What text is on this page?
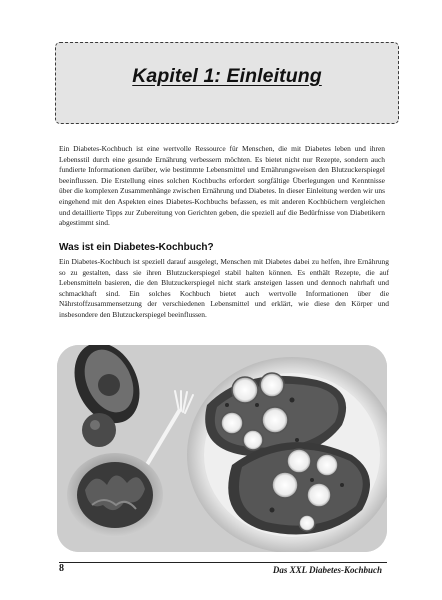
Kapitel 1: Einleitung

Ein Diabetes-Kochbuch ist eine wertvolle Ressource für Menschen, die mit Diabetes leben und ihren Lebensstil durch eine gesunde Ernährung verbessern möchten. Es bietet nicht nur Rezepte, sondern auch fundierte Informationen darüber, wie bestimmte Lebensmittel und Ernährungsweisen den Blutzuckerspiegel beeinflussen. Die Erstellung eines solchen Kochbuchs erfordert sorgfältige Überlegungen und Kenntnisse über die komplexen Zusammenhänge zwischen Ernährung und Diabetes. In dieser Einleitung werden wir uns eingehend mit den Aspekten eines Diabetes-Kochbuchs befassen, es mit anderen Kochbüchern vergleichen und detaillierte Tipps zur Zubereitung von Gerichten geben, die speziell auf die Bedürfnisse von Diabetikern abgestimmt sind.

Was ist ein Diabetes-Kochbuch?

Ein Diabetes-Kochbuch ist speziell darauf ausgelegt, Menschen mit Diabetes dabei zu helfen, ihre Ernährung so zu gestalten, dass sie ihren Blutzuckerspiegel stabil halten können. Es enthält Rezepte, die auf Lebensmitteln basieren, die den Blutzuckerspiegel nicht stark ansteigen lassen und dennoch nahrhaft und schmackhaft sind. Ein solches Kochbuch bietet auch wertvolle Informationen über die Nährstoffzusammensetzung der verschiedenen Lebensmittel und erklärt, wie diese den Körper und insbesondere den Blutzuckerspiegel beeinflussen.

8	Das XXL Diabetes-Kochbuch
